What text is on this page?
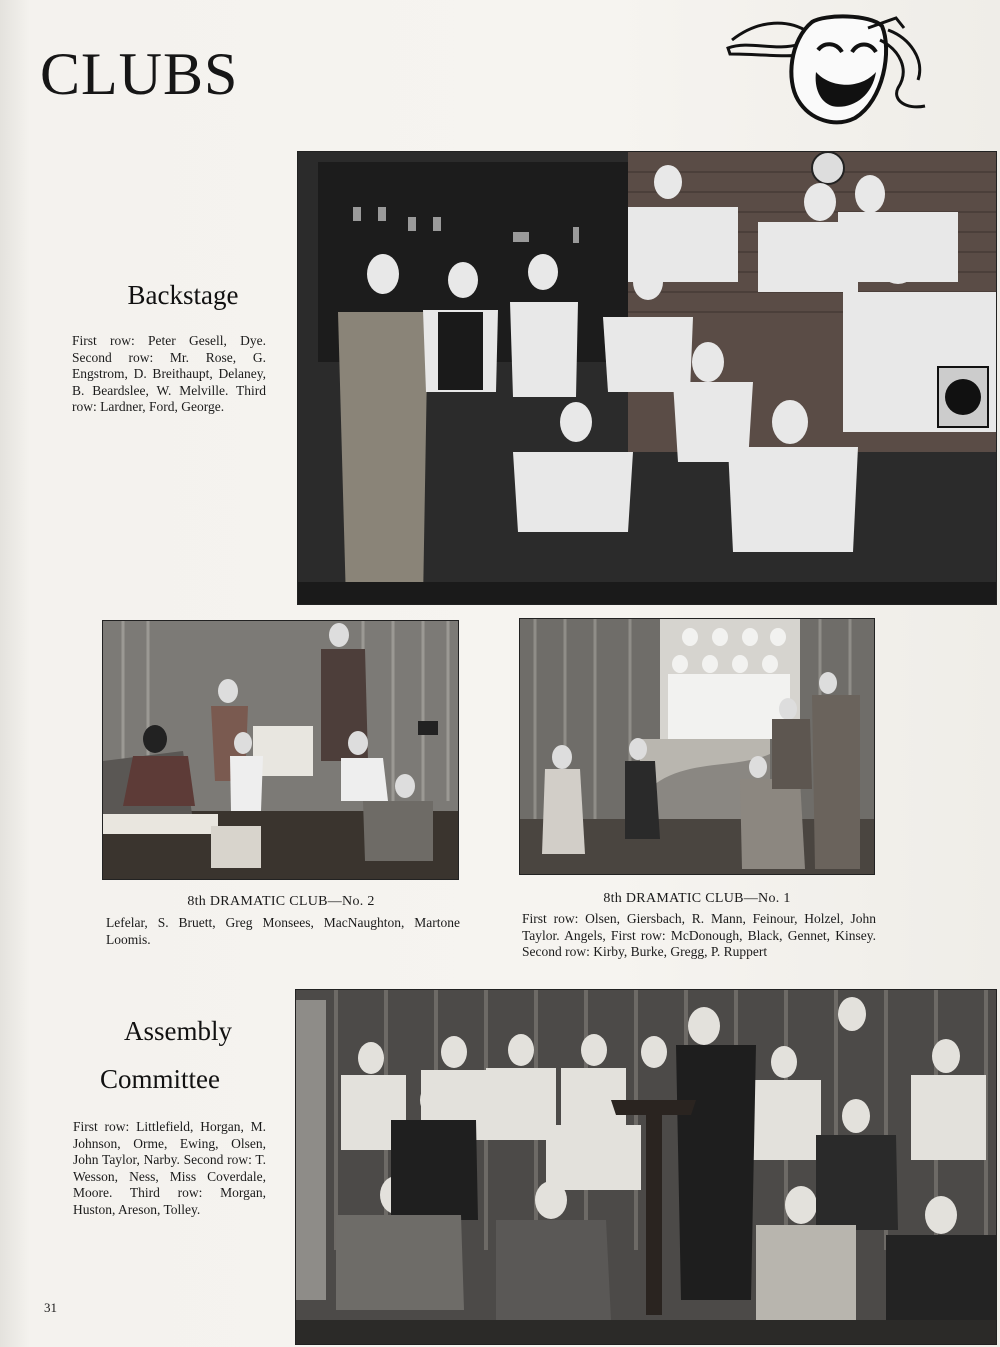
CLUBS
Backstage
First row: Peter Gesell, Dye. Second row: Mr. Rose, G. Engstrom, D. Breithaupt, Delaney, B. Beardslee, W. Melville. Third row: Lardner, Ford, George.
8th DRAMATIC CLUB—No. 2
Lefelar, S. Bruett, Greg Monsees, MacNaughton, Martone Loomis.
8th DRAMATIC CLUB—No. 1
First row: Olsen, Giersbach, R. Mann, Feinour, Holzel, John Taylor. Angels, First row: McDonough, Black, Gennet, Kinsey. Second row: Kirby, Burke, Gregg, P. Ruppert
Assembly
Committee
First row: Littlefield, Horgan, M. Johnson, Orme, Ewing, Olsen, John Taylor, Narby. Second row: T. Wesson, Ness, Miss Coverdale, Moore. Third row: Morgan, Huston, Areson, Tolley.
31
